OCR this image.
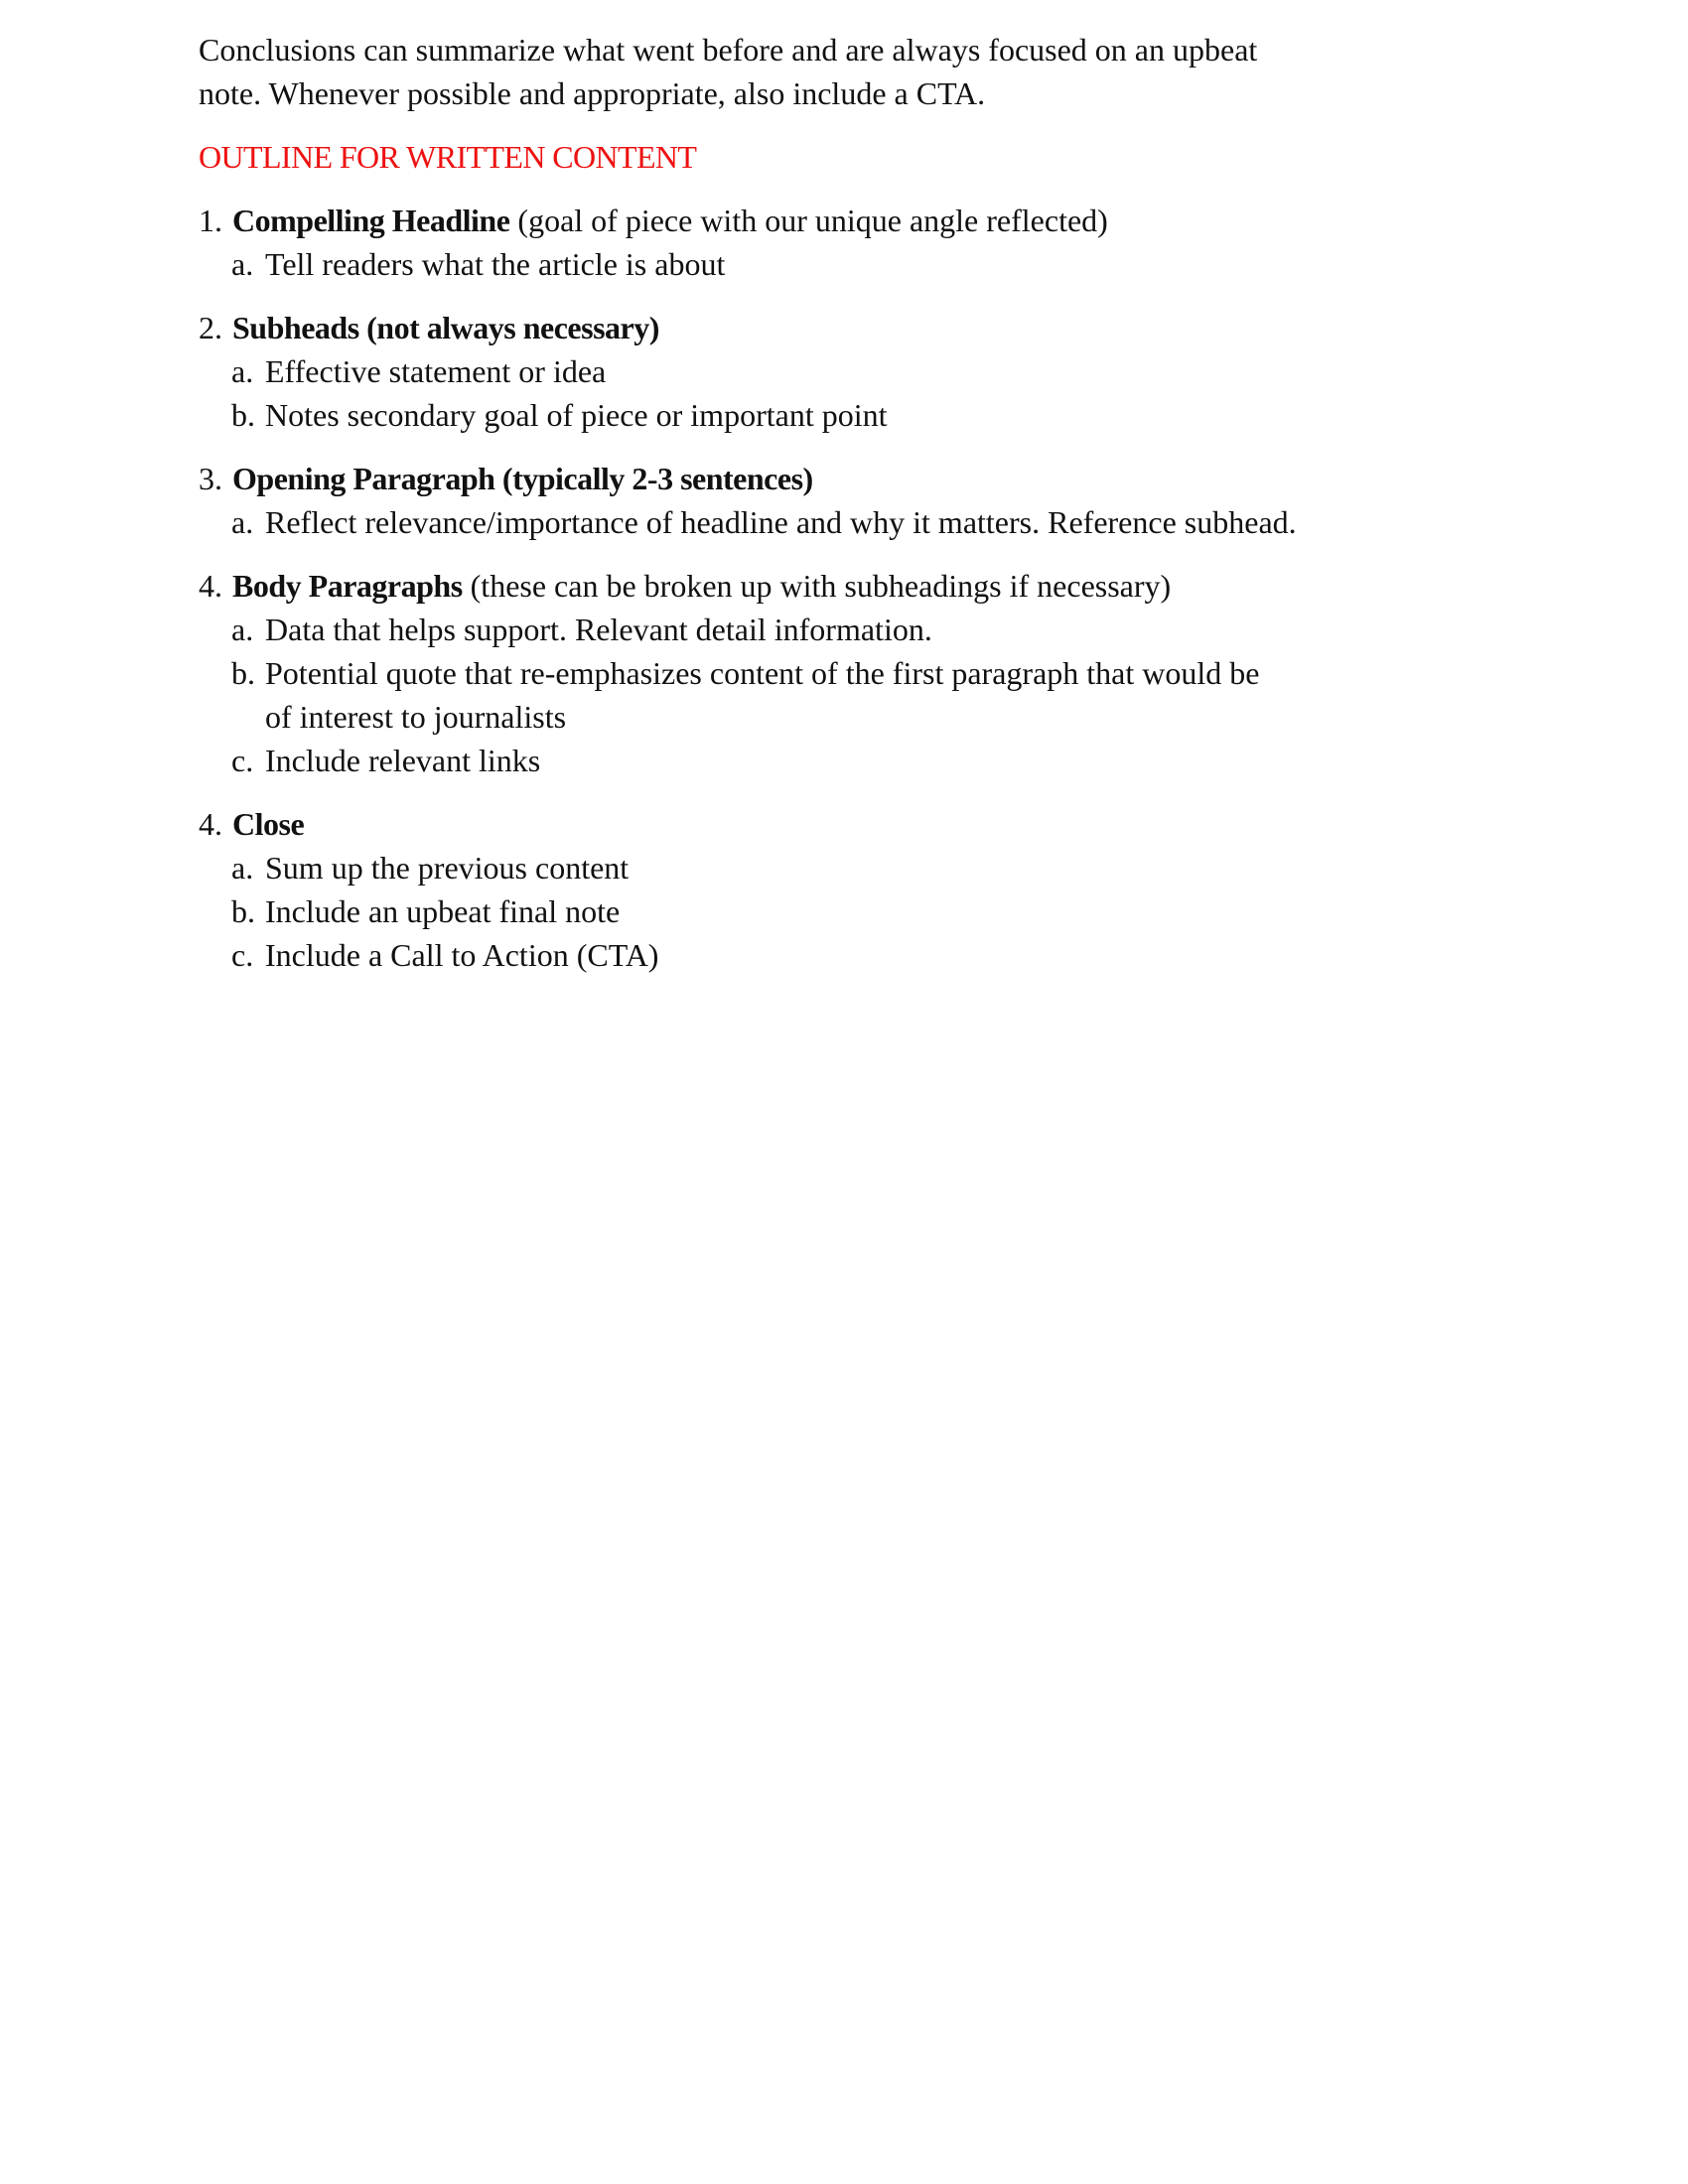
Conclusions can summarize what went before and are always focused on an upbeat
note. Whenever possible and appropriate, also include a CTA.

OUTLINE FOR WRITTEN CONTENT
1. Compelling Headline (goal of piece with our unique angle reflected)
a. Tell readers what the article is about
2. Subheads (not always necessary)
a. Effective statement or idea
b. Notes secondary goal of piece or important point
3. Opening Paragraph (typically 2-3 sentences)
a. Reflect relevance/importance of headline and why it matters. Reference subhead.
4. Body Paragraphs (these can be broken up with subheadings if necessary)
a. Data that helps support. Relevant detail information.
b. Potential quote that re-emphasizes content of the first paragraph that would be
of interest to journalists
c. Include relevant links
4. Close
a. Sum up the previous content
b. Include an upbeat final note
c. Include a Call to Action (CTA)
